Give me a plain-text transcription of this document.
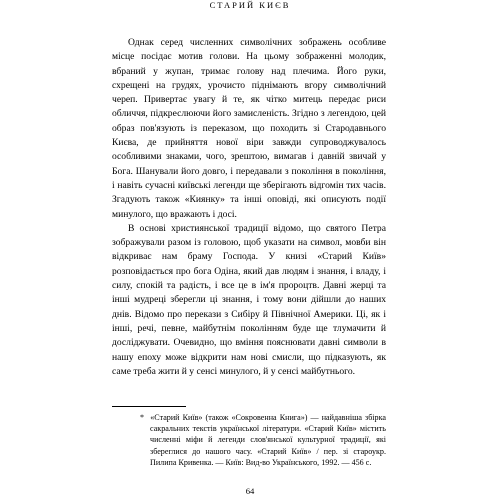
СТАРИЙ КИЄВ

Однак серед численних символічних зображень особливе місце посідає мотив голови. На цьому зображенні молодик, вбраний у жупан, тримає голову над плечима. Його руки, схрещені на грудях, урочисто піднімають вгору символічний череп. Привертає увагу й те, як чітко митець передає риси обличчя, підкреслюючи його замисленість. Згідно з легендою, цей образ пов'язують із переказом, що походить зі Стародавнього Києва, де прийняття нової віри завжди супроводжувалось особливими знаками, чого, зрештою, вимагав і давній звичай у Бога. Шанували його довго, і передавали з покоління в покоління, і навіть сучасні київські легенди ще зберігають відгомін тих часів. Згадують також «Киянку» та інші оповіді, які описують події минулого, що вражають і досі.

В основі християнської традиції відомо, що святого Петра зображували разом із головою, щоб указати на символ, мовби він відкриває нам браму Господа. У книзі «Старий Київ» розповідається про бога Одіна, який дав людям і знання, і владу, і силу, спокій та радість, і все це в ім'я пророцтв. Давні жерці та інші мудреці зберегли ці знання, і тому вони дійшли до наших днів. Відомо про перекази з Сибіру й Північної Америки. Ці, як і інші, речі, певне, майбутнім поколінням буде ще тлумачити й досліджувати. Очевидно, що вміння пояснювати давні символи в нашу епоху може відкрити нам нові смисли, що підказують, як саме треба жити й у сенсі минулого, й у сенсі майбутнього.

* «Старий Київ» (також «Сокровенна Книга») — найдавніша збірка сакральних текстів української літератури. «Старий Київ» містить численні міфи й легенди слов'янської культурної традиції, які збереглися до нашого часу. «Старий Київ» / пер. зі староукр. Пилипа Кривенка. — Київ: Вид-во Українського, 1992. — 456 с.

64
